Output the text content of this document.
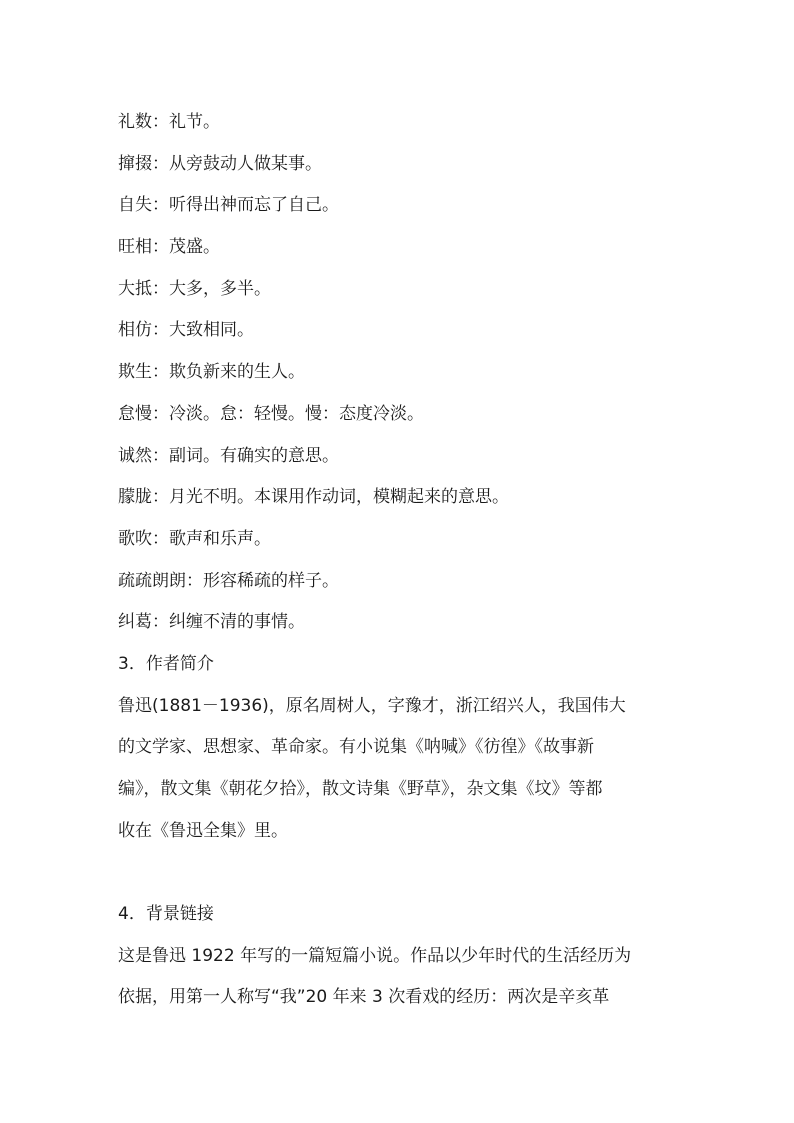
礼数：礼节。
撺掇：从旁鼓动人做某事。
自失：听得出神而忘了自己。
旺相：茂盛。
大抵：大多，多半。
相仿：大致相同。
欺生：欺负新来的生人。
怠慢：冷淡。怠：轻慢。慢：态度冷淡。
诚然：副词。有确实的意思。
朦胧：月光不明。本课用作动词，模糊起来的意思。
歌吹：歌声和乐声。
疏疏朗朗：形容稀疏的样子。
纠葛：纠缠不清的事情。
3．作者简介
鲁迅(1881－1936)，原名周树人，字豫才，浙江绍兴人，我国伟大
的文学家、思想家、革命家。有小说集《呐喊》《彷徨》《故事新
编》，散文集《朝花夕拾》，散文诗集《野草》，杂文集《坟》等都
收在《鲁迅全集》里。
4．背景链接
这是鲁迅 1922 年写的一篇短篇小说。作品以少年时代的生活经历为
依据，用第一人称写“我”20 年来 3 次看戏的经历：两次是辛亥革
